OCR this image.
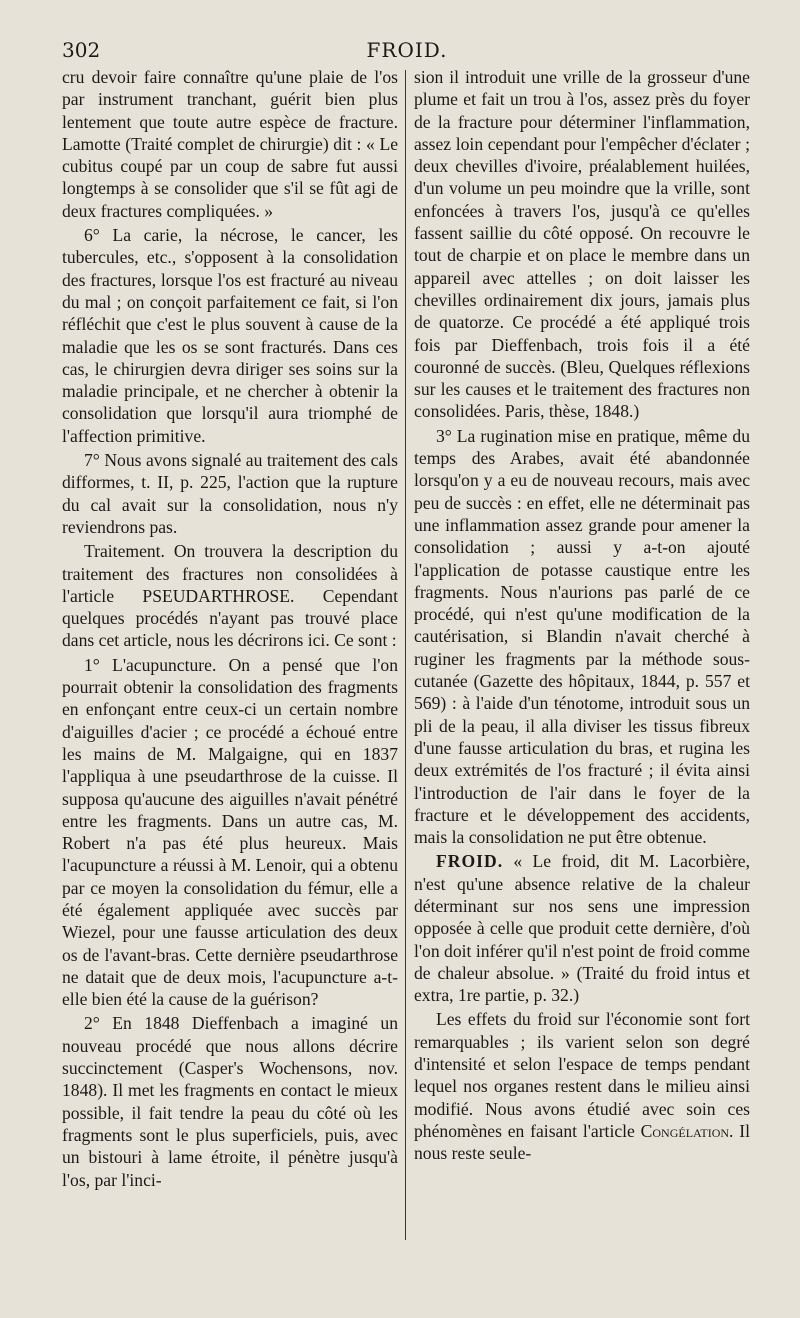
302	FROID.

cru devoir faire connaître qu'une plaie de l'os par instrument tranchant, guérit bien plus lentement que toute autre espèce de fracture. Lamotte (Traité complet de chirurgie) dit : « Le cubitus coupé par un coup de sabre fut aussi longtemps à se consolider que s'il se fût agi de deux fractures compliquées. »

6° La carie, la nécrose, le cancer, les tubercules, etc., s'opposent à la consolidation des fractures, lorsque l'os est fracturé au niveau du mal ; on conçoit parfaitement ce fait, si l'on réfléchit que c'est le plus souvent à cause de la maladie que les os se sont fracturés. Dans ces cas, le chirurgien devra diriger ses soins sur la maladie principale, et ne chercher à obtenir la consolidation que lorsqu'il aura triomphé de l'affection primitive.

7° Nous avons signalé au traitement des cals difformes, t. II, p. 225, l'action que la rupture du cal avait sur la consolidation, nous n'y reviendrons pas.

Traitement. On trouvera la description du traitement des fractures non consolidées à l'article PSEUDARTHROSE. Cependant quelques procédés n'ayant pas trouvé place dans cet article, nous les décrirons ici. Ce sont :

1° L'acupuncture. On a pensé que l'on pourrait obtenir la consolidation des fragments en enfonçant entre ceux-ci un certain nombre d'aiguilles d'acier ; ce procédé a échoué entre les mains de M. Malgaigne, qui en 1837 l'appliqua à une pseudarthrose de la cuisse. Il supposa qu'aucune des aiguilles n'avait pénétré entre les fragments. Dans un autre cas, M. Robert n'a pas été plus heureux. Mais l'acupuncture a réussi à M. Lenoir, qui a obtenu par ce moyen la consolidation du fémur, elle a été également appliquée avec succès par Wiezel, pour une fausse articulation des deux os de l'avant-bras. Cette dernière pseudarthrose ne datait que de deux mois, l'acupuncture a-t-elle bien été la cause de la guérison?

2° En 1848 Dieffenbach a imaginé un nouveau procédé que nous allons décrire succinctement (Casper's Wochensons, nov. 1848). Il met les fragments en contact le mieux possible, il fait tendre la peau du côté où les fragments sont le plus superficiels, puis, avec un bistouri à lame étroite, il pénètre jusqu'à l'os, par l'inci-

sion il introduit une vrille de la grosseur d'une plume et fait un trou à l'os, assez près du foyer de la fracture pour déterminer l'inflammation, assez loin cependant pour l'empêcher d'éclater ; deux chevilles d'ivoire, préalablement huilées, d'un volume un peu moindre que la vrille, sont enfoncées à travers l'os, jusqu'à ce qu'elles fassent saillie du côté opposé. On recouvre le tout de charpie et on place le membre dans un appareil avec attelles ; on doit laisser les chevilles ordinairement dix jours, jamais plus de quatorze. Ce procédé a été appliqué trois fois par Dieffenbach, trois fois il a été couronné de succès. (Bleu, Quelques réflexions sur les causes et le traitement des fractures non consolidées. Paris, thèse, 1848.)

3° La rugination mise en pratique, même du temps des Arabes, avait été abandonnée lorsqu'on y a eu de nouveau recours, mais avec peu de succès : en effet, elle ne déterminait pas une inflammation assez grande pour amener la consolidation ; aussi y a-t-on ajouté l'application de potasse caustique entre les fragments. Nous n'aurions pas parlé de ce procédé, qui n'est qu'une modification de la cautérisation, si Blandin n'avait cherché à ruginer les fragments par la méthode sous-cutanée (Gazette des hôpitaux, 1844, p. 557 et 569) : à l'aide d'un ténotome, introduit sous un pli de la peau, il alla diviser les tissus fibreux d'une fausse articulation du bras, et rugina les deux extrémités de l'os fracturé ; il évita ainsi l'introduction de l'air dans le foyer de la fracture et le développement des accidents, mais la consolidation ne put être obtenue.

FROID. « Le froid, dit M. Lacorbière, n'est qu'une absence relative de la chaleur déterminant sur nos sens une impression opposée à celle que produit cette dernière, d'où l'on doit inférer qu'il n'est point de froid comme de chaleur absolue. » (Traité du froid intus et extra, 1re partie, p. 32.)

Les effets du froid sur l'économie sont fort remarquables ; ils varient selon son degré d'intensité et selon l'espace de temps pendant lequel nos organes restent dans le milieu ainsi modifié. Nous avons étudié avec soin ces phénomènes en faisant l'article Congélation. Il nous reste seule-
